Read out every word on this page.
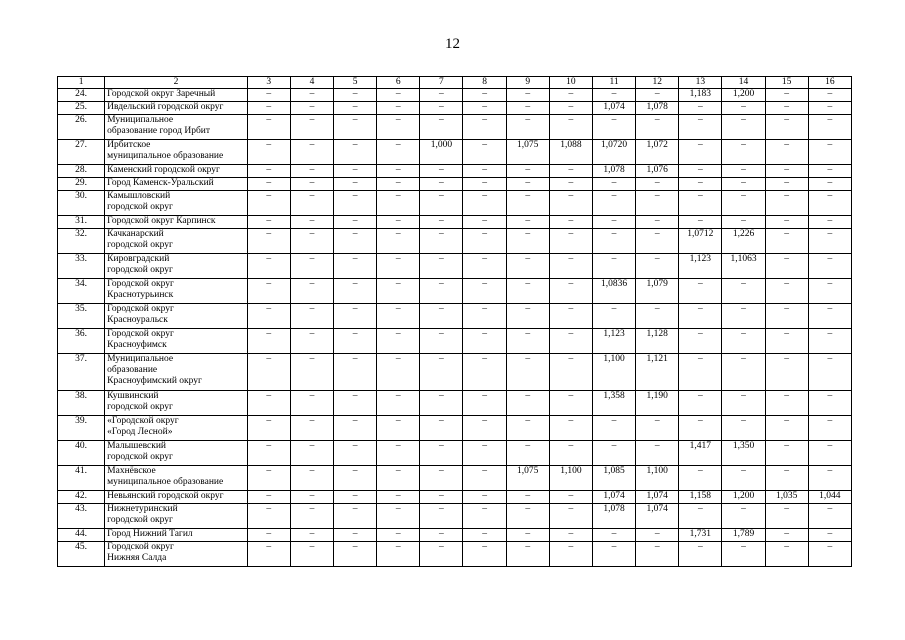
12
1	2	3	4	5	6	7	8	9	10	11	12	13	14	15	16
24.	Городской округ Заречный	–	–	–	–	–	–	–	–	–	–	1,183	1,200	–	–
25.	Ивдельский городской округ	–	–	–	–	–	–	–	–	1,074	1,078	–	–	–	–
26.	Муниципальное
образование город Ирбит	–	–	–	–	–	–	–	–	–	–	–	–	–	–
27.	Ирбитское
муниципальное образование	–	–	–	–	1,000	–	1,075	1,088	1,0720	1,072	–	–	–	–
28.	Каменский городской округ	–	–	–	–	–	–	–	–	1,078	1,076	–	–	–	–
29.	Город Каменск-Уральский	–	–	–	–	–	–	–	–	–	–	–	–	–	–
30.	Камышловский
городской округ	–	–	–	–	–	–	–	–	–	–	–	–	–	–
31.	Городской округ Карпинск	–	–	–	–	–	–	–	–	–	–	–	–	–	–
32.	Качканарский
городской округ	–	–	–	–	–	–	–	–	–	–	1,0712	1,226	–	–
33.	Кировградский
городской округ	–	–	–	–	–	–	–	–	–	–	1,123	1,1063	–	–
34.	Городской округ
Краснотурьинск	–	–	–	–	–	–	–	–	1,0836	1,079	–	–	–	–
35.	Городской округ
Красноуральск	–	–	–	–	–	–	–	–	–	–	–	–	–	–
36.	Городской округ
Красноуфимск	–	–	–	–	–	–	–	–	1,123	1,128	–	–	–	–
37.	Муниципальное
образование
Красноуфимский округ	–	–	–	–	–	–	–	–	1,100	1,121	–	–	–	–
38.	Кушвинский
городской округ	–	–	–	–	–	–	–	–	1,358	1,190	–	–	–	–
39.	«Городской округ
«Город Лесной»	–	–	–	–	–	–	–	–	–	–	–	–	–	–
40.	Малышевский
городской округ	–	–	–	–	–	–	–	–	–	–	1,417	1,350	–	–
41.	Махнёвское
муниципальное образование	–	–	–	–	–	–	1,075	1,100	1,085	1,100	–	–	–	–
42.	Невьянский городской округ	–	–	–	–	–	–	–	–	1,074	1,074	1,158	1,200	1,035	1,044
43.	Нижнетуринский
городской округ	–	–	–	–	–	–	–	–	1,078	1,074	–	–	–	–
44.	Город Нижний Тагил	–	–	–	–	–	–	–	–	–	–	1,731	1,789	–	–
45.	Городской округ
Нижняя Салда	–	–	–	–	–	–	–	–	–	–	–	–	–	–
